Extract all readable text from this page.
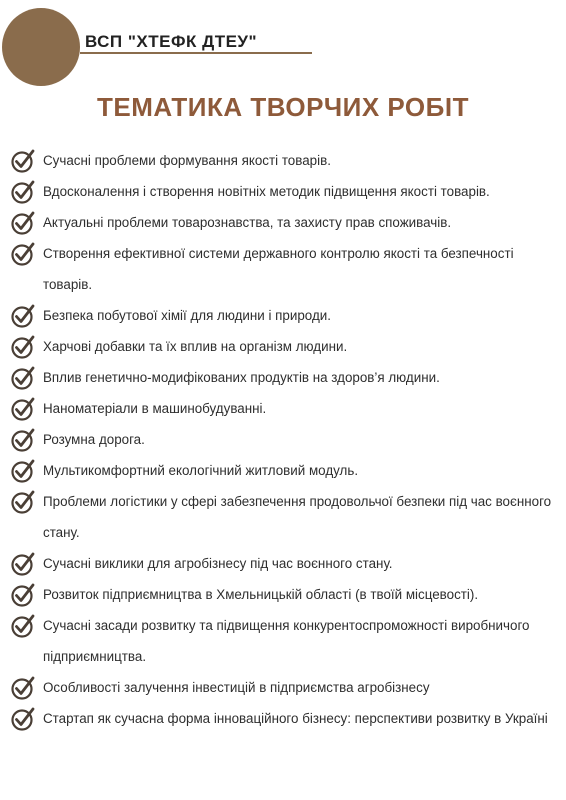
ВСП "ХТЕФК ДТЕУ"
ТЕМАТИКА ТВОРЧИХ РОБІТ
Сучасні проблеми формування якості товарів.
Вдосконалення і створення новітніх методик підвищення якості товарів.
Актуальні проблеми товарознавства, та захисту прав споживачів.
Створення ефективної системи державного контролю якості та безпечності товарів.
Безпека побутової хімії для людини і природи.
Харчові добавки та їх вплив на організм людини.
Вплив генетично-модифікованих продуктів на здоров’я людини.
Наноматеріали в машинобудуванні.
Розумна дорога.
Мультикомфортний екологічний житловий модуль.
Проблеми логістики у сфері забезпечення продовольчої безпеки під час воєнного стану.
Сучасні виклики для агробізнесу під час воєнного стану.
Розвиток підприємництва в Хмельницькій області (в твоїй місцевості).
Сучасні засади розвитку та підвищення конкурентоспроможності виробничого підприємництва.
Особливості залучення інвестицій в підприємства агробізнесу
Стартап як сучасна форма інноваційного бізнесу: перспективи розвитку в Україні
